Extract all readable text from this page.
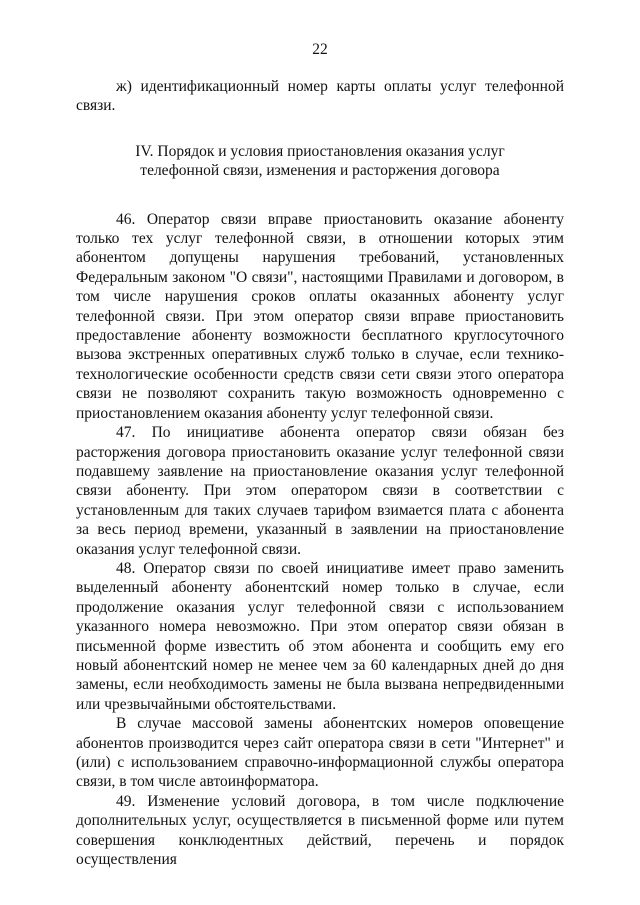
22

ж) идентификационный номер карты оплаты услуг телефонной связи.

IV. Порядок и условия приостановления оказания услуг
телефонной связи, изменения и расторжения договора

46. Оператор связи вправе приостановить оказание абоненту только тех услуг телефонной связи, в отношении которых этим абонентом допущены нарушения требований, установленных Федеральным законом "О связи", настоящими Правилами и договором, в том числе нарушения сроков оплаты оказанных абоненту услуг телефонной связи. При этом оператор связи вправе приостановить предоставление абоненту возможности бесплатного круглосуточного вызова экстренных оперативных служб только в случае, если технико-технологические особенности средств связи сети связи этого оператора связи не позволяют сохранить такую возможность одновременно с приостановлением оказания абоненту услуг телефонной связи.

47. По инициативе абонента оператор связи обязан без расторжения договора приостановить оказание услуг телефонной связи подавшему заявление на приостановление оказания услуг телефонной связи абоненту. При этом оператором связи в соответствии с установленным для таких случаев тарифом взимается плата с абонента за весь период времени, указанный в заявлении на приостановление оказания услуг телефонной связи.

48. Оператор связи по своей инициативе имеет право заменить выделенный абоненту абонентский номер только в случае, если продолжение оказания услуг телефонной связи с использованием указанного номера невозможно. При этом оператор связи обязан в письменной форме известить об этом абонента и сообщить ему его новый абонентский номер не менее чем за 60 календарных дней до дня замены, если необходимость замены не была вызвана непредвиденными или чрезвычайными обстоятельствами.

В случае массовой замены абонентских номеров оповещение абонентов производится через сайт оператора связи в сети "Интернет" и (или) с использованием справочно-информационной службы оператора связи, в том числе автоинформатора.

49. Изменение условий договора, в том числе подключение дополнительных услуг, осуществляется в письменной форме или путем совершения конклюдентных действий, перечень и порядок осуществления
